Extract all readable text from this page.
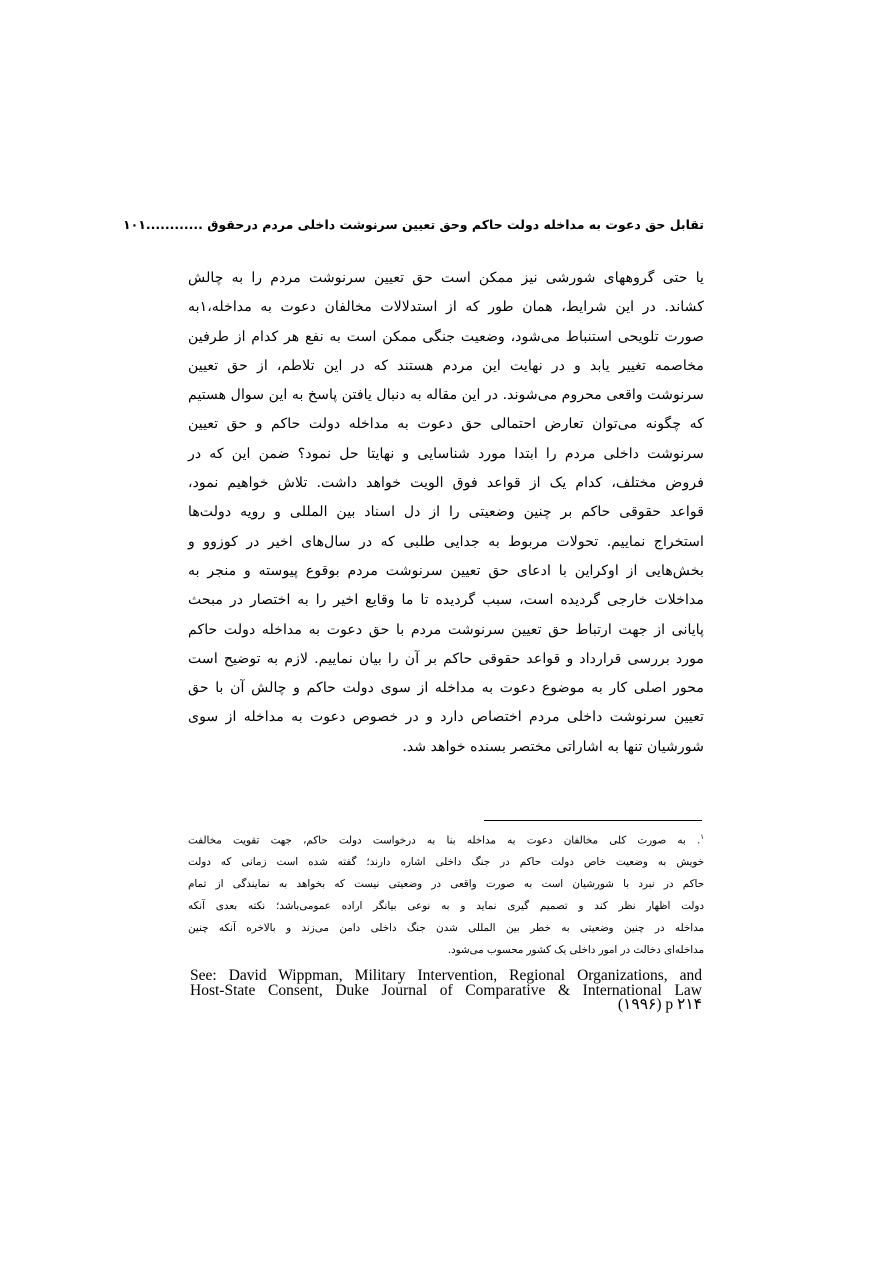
تقابل حق دعوت به مداخله دولت حاکم وحق تعیین سرنوشت داخلی مردم درحقوق ............۱۰۱
یا حتی گروههای شورشی نیز ممکن است حق تعیین سرنوشت مردم را به چالش
کشاند. در این شرایط، همان طور که از استدلالات مخالفان دعوت به مداخله،۱به
صورت تلویحی استنباط می‌شود، وضعیت جنگی ممکن است به نفع هر کدام از طرفین
مخاصمه تغییر یابد و در نهایت این مردم هستند که در این تلاطم، از حق تعیین
سرنوشت واقعی محروم می‌شوند. در این مقاله به دنبال یافتن پاسخ به این سوال هستیم
که چگونه می‌توان تعارض احتمالی حق دعوت به مداخله دولت حاکم و حق تعیین
سرنوشت داخلی مردم را ابتدا مورد شناسایی و نهایتا حل نمود؟ ضمن این که در
فروض مختلف، کدام یک از قواعد فوق الویت خواهد داشت. تلاش خواهیم نمود،
قواعد حقوقی حاکم بر چنین وضعیتی را از دل اسناد بین المللی و رویه دولت‌ها
استخراج نماییم. تحولات مربوط به جدایی طلبی که در سال‌های اخیر در کوزوو و
بخش‌هایی از اوکراین با ادعای حق تعیین سرنوشت مردم بوقوع پیوسته و منجر به
مداخلات خارجی گردیده است، سبب گردیده تا ما وقایع اخیر را به اختصار در مبحث
پایانی از جهت ارتباط حق تعیین سرنوشت مردم با حق دعوت به مداخله دولت حاکم
مورد بررسی قرارداد و قواعد حقوقی حاکم بر آن را بیان نماییم. لازم به توضیح است
محور اصلی کار به موضوع دعوت به مداخله از سوی دولت حاکم و چالش آن با حق
تعیین سرنوشت داخلی مردم اختصاص دارد و در خصوص دعوت به مداخله از سوی
شورشیان تنها به اشاراتی مختصر بسنده خواهد شد.
$^۱$. به صورت کلی مخالفان دعوت به مداخله بنا به درخواست دولت حاکم، جهت تقویت مخالفت
خویش به وضعیت خاص دولت حاکم در جنگ داخلی اشاره دارند؛ گفته شده است زمانی که دولت
حاکم در نبرد با شورشیان است به صورت واقعی در وضعیتی نیست که بخواهد به نمایندگی از تمام
دولت اظهار نظر کند و تصمیم گیری نماید و به نوعی بیانگر اراده عمومی‌باشد؛ نکته بعدی آنکه
مداخله در چنین وضعیتی به خطر بین المللی شدن جنگ داخلی دامن می‌زند و بالاخره آنکه چنین
مداخله‌ای دخالت در امور داخلی یک کشور محسوب می‌شود.
See: David Wippman, Military Intervention, Regional Organizations, and
Host-State Consent, Duke Journal of Comparative & International Law
(۱۹۹۶) p ۲۱۴
